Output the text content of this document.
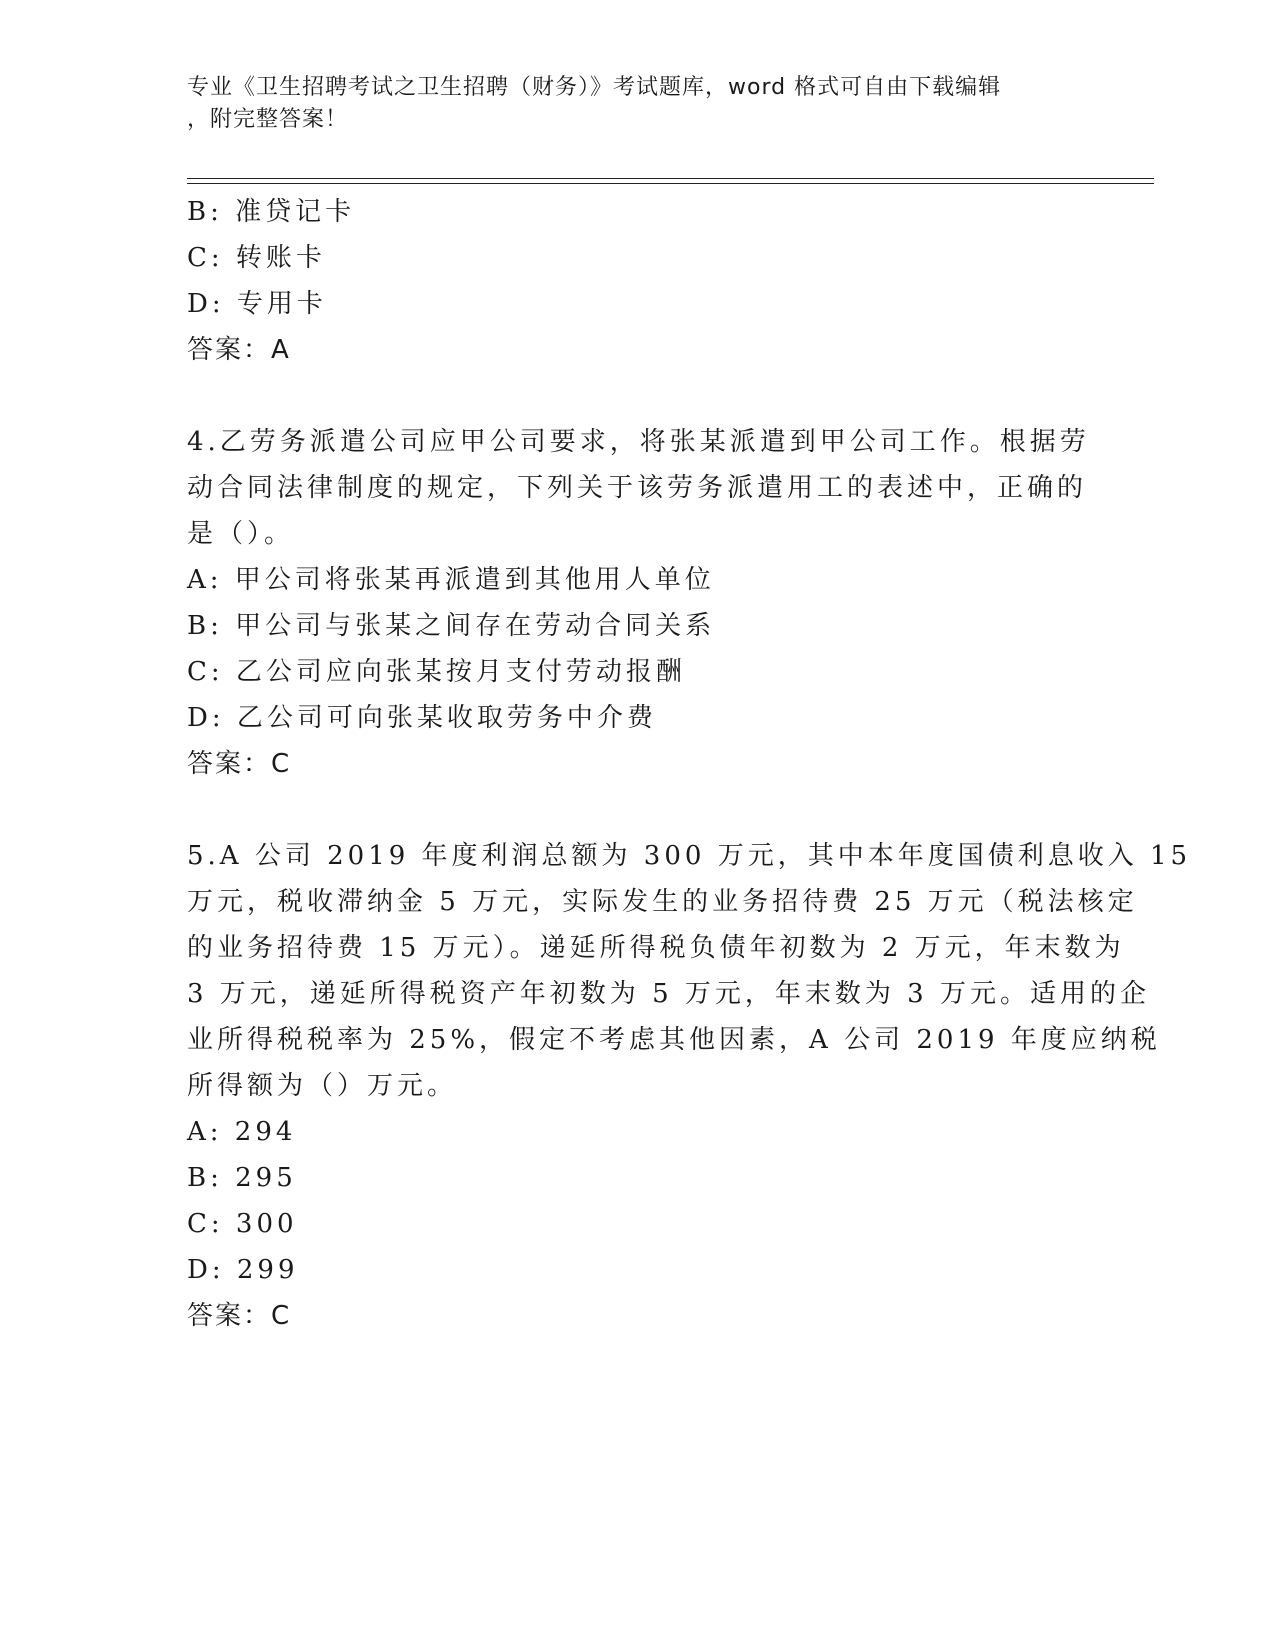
专业《卫生招聘考试之卫生招聘（财务）》考试题库，word 格式可自由下载编辑
，附完整答案！
B: 准贷记卡
C: 转账卡
D: 专用卡
答案：A
4.乙劳务派遣公司应甲公司要求，将张某派遣到甲公司工作。根据劳
动合同法律制度的规定，下列关于该劳务派遣用工的表述中，正确的
是（）。
A: 甲公司将张某再派遣到其他用人单位
B: 甲公司与张某之间存在劳动合同关系
C: 乙公司应向张某按月支付劳动报酬
D: 乙公司可向张某收取劳务中介费
答案：C
5.A 公司 2019 年度利润总额为 300 万元，其中本年度国债利息收入 15
万元，税收滞纳金 5 万元，实际发生的业务招待费 25 万元（税法核定
的业务招待费 15 万元）。递延所得税负债年初数为 2 万元，年末数为
3 万元，递延所得税资产年初数为 5 万元，年末数为 3 万元。适用的企
业所得税税率为 25%，假定不考虑其他因素，A 公司 2019 年度应纳税
所得额为（）万元。
A: 294
B: 295
C: 300
D: 299
答案：C
